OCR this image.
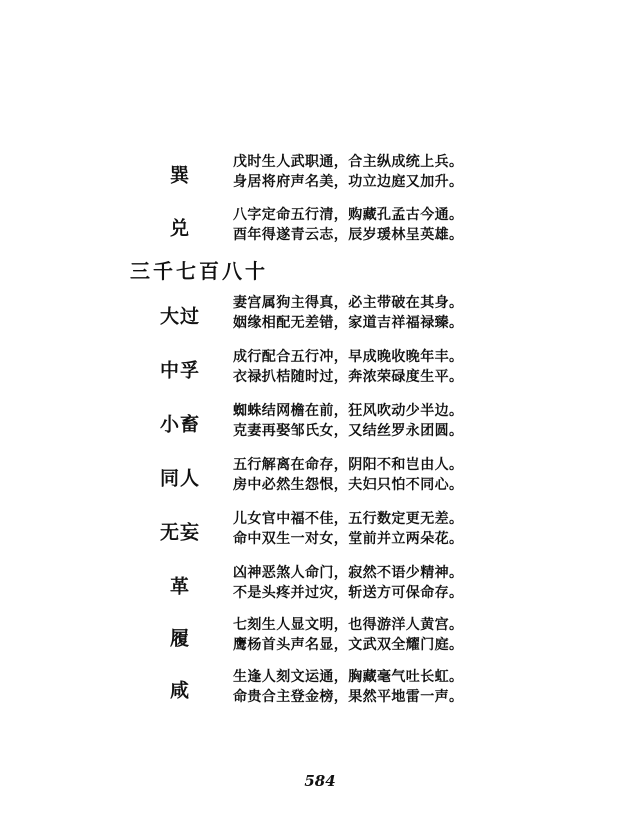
巽
戊时生人武职通，合主纵成统上兵。
身居将府声名美，功立边庭又加升。
兑
八字定命五行清，购藏孔孟古今通。
酉年得遂青云志，辰岁瑗林呈英雄。
三千七百八十
大过
妻宫属狗主得真，必主带破在其身。
姻缘相配无差错，家道吉祥福禄臻。
中孚
成行配合五行冲，早成晚收晚年丰。
衣禄扒桔随时过，奔浓荣碌度生平。
小畜
蜘蛛结网檐在前，狂风吹动少半边。
克妻再娶邹氏女，又结丝罗永团圆。
同人
五行解离在命存，阴阳不和岂由人。
房中必然生怨恨，夫妇只怕不同心。
无妄
儿女官中福不佳，五行数定更无差。
命中双生一对女，堂前并立两朵花。
革
凶神恶煞人命门，寂然不语少精神。
不是头疼并过灾，斩送方可保命存。
履
七刻生人显文明，也得游洋人黄宫。
鹰杨首头声名显，文武双全耀门庭。
咸
生逢人刻文运通，胸藏毫气吐长虹。
命贵合主登金榜，果然平地雷一声。
584
